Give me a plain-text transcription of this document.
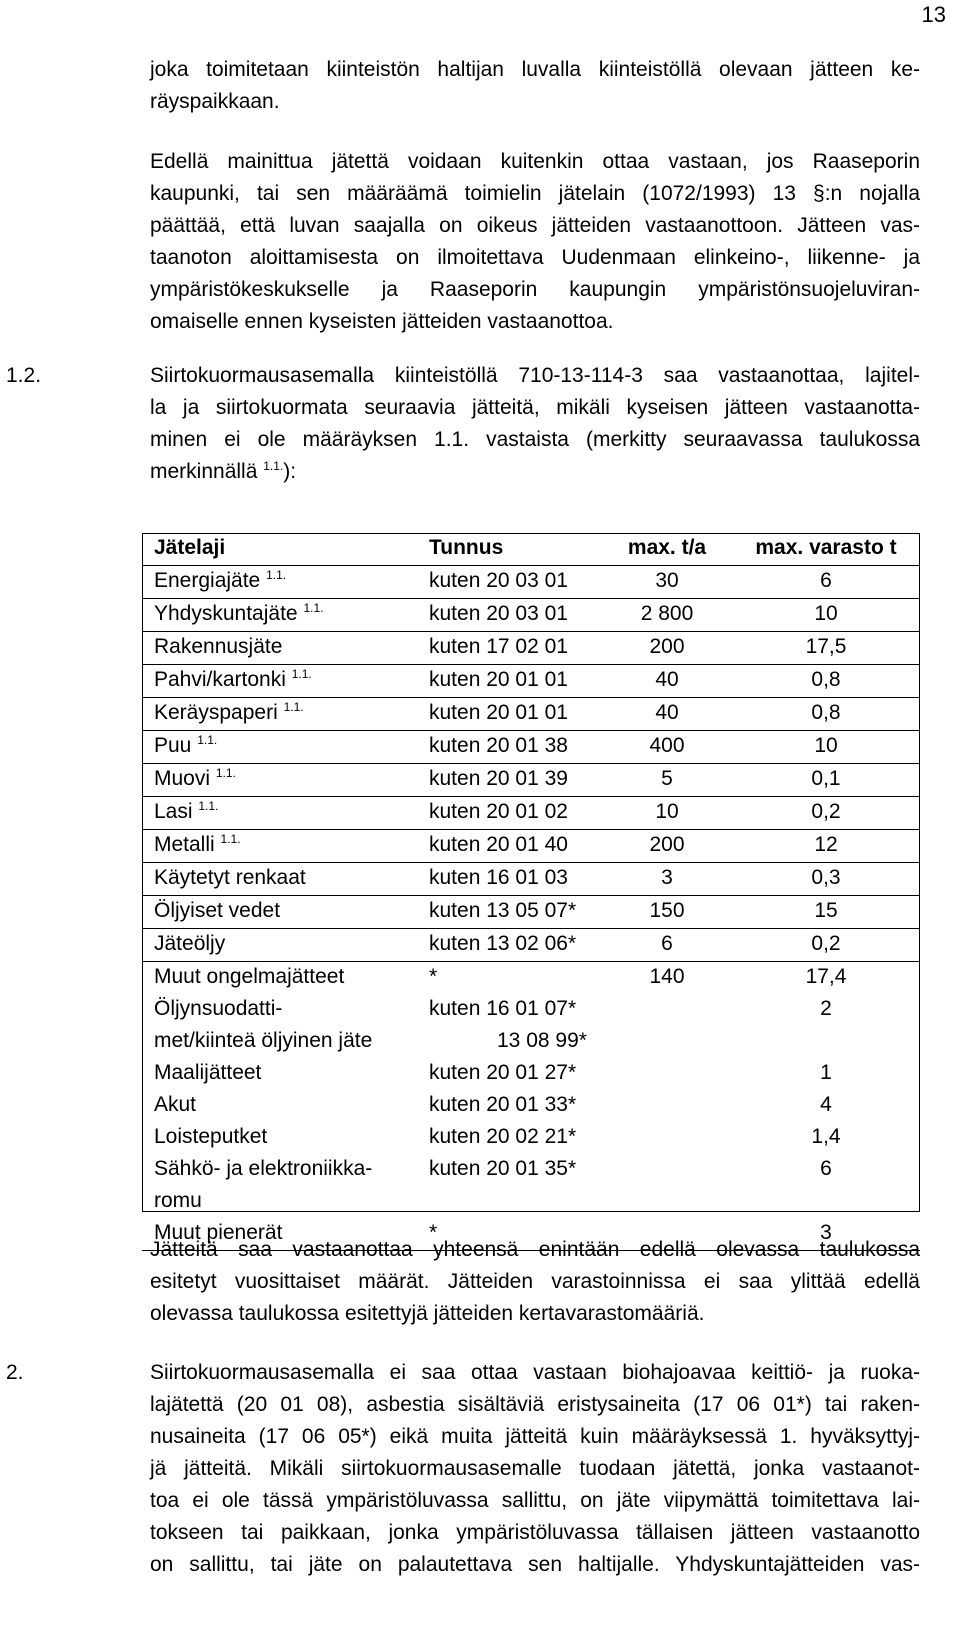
13

joka toimitetaan kiinteistön haltijan luvalla kiinteistöllä olevaan jätteen ke-
räyspaikkaan.

Edellä mainittua jätettä voidaan kuitenkin ottaa vastaan, jos Raaseporin
kaupunki, tai sen määräämä toimielin jätelain (1072/1993) 13 §:n nojalla
päättää, että luvan saajalla on oikeus jätteiden vastaanottoon. Jätteen vas-
taanoton aloittamisesta on ilmoitettava Uudenmaan elinkeino-, liikenne- ja
ympäristökeskukselle ja Raaseporin kaupungin ympäristönsuojeluviran-
omaiselle ennen kyseisten jätteiden vastaanottoa.

1.2.	Siirtokuormausasemalla kiinteistöllä 710-13-114-3 saa vastaanottaa, lajitel-
la ja siirtokuormata seuraavia jätteitä, mikäli kyseisen jätteen vastaanotta-
minen ei ole määräyksen 1.1. vastaista (merkitty seuraavassa taulukossa
merkinnällä $^{1.1.}$):

Jätelaji	Tunnus	max. t/a	max. varasto t
Energiajäte $^{1.1.}$	kuten 20 03 01	30	6
Yhdyskuntajäte $^{1.1.}$	kuten 20 03 01	2 800	10
Rakennusjäte	kuten 17 02 01	200	17,5
Pahvi/kartonki $^{1.1.}$	kuten 20 01 01	40	0,8
Keräyspaperi $^{1.1.}$	kuten 20 01 01	40	0,8
Puu $^{1.1.}$	kuten 20 01 38	400	10
Muovi $^{1.1.}$	kuten 20 01 39	5	0,1
Lasi $^{1.1.}$	kuten 20 01 02	10	0,2
Metalli $^{1.1.}$	kuten 20 01 40	200	12
Käytetyt renkaat	kuten 16 01 03	3	0,3
Öljyiset vedet	kuten 13 05 07*	150	15
Jäteöljy	kuten 13 02 06*	6	0,2
Muut ongelmajätteet	*	140	17,4
Öljynsuodatti-	kuten 16 01 07*		2
met/kiinteä öljyinen jäte	13 08 99*		
Maalijätteet	kuten 20 01 27*		1
Akut	kuten 20 01 33*		4
Loisteputket	kuten 20 02 21*		1,4
Sähkö- ja elektroniikka-	kuten 20 01 35*		6
romu			
Muut pienerät	*		3

Jätteitä saa vastaanottaa yhteensä enintään edellä olevassa taulukossa
esitetyt vuosittaiset määrät. Jätteiden varastoinnissa ei saa ylittää edellä
olevassa taulukossa esitettyjä jätteiden kertavarastomääriä.

2.	Siirtokuormausasemalla ei saa ottaa vastaan biohajoavaa keittiö- ja ruoka-
lajätettä (20 01 08), asbestia sisältäviä eristysaineita (17 06 01*) tai raken-
nusaineita (17 06 05*) eikä muita jätteitä kuin määräyksessä 1. hyväksyttyj-
jä jätteitä. Mikäli siirtokuormausasemalle tuodaan jätettä, jonka vastaanot-
toa ei ole tässä ympäristöluvassa sallittu, on jäte viipymättä toimitettava lai-
tokseen tai paikkaan, jonka ympäristöluvassa tällaisen jätteen vastaanotto
on sallittu, tai jäte on palautettava sen haltijalle. Yhdyskuntajätteiden vas-
